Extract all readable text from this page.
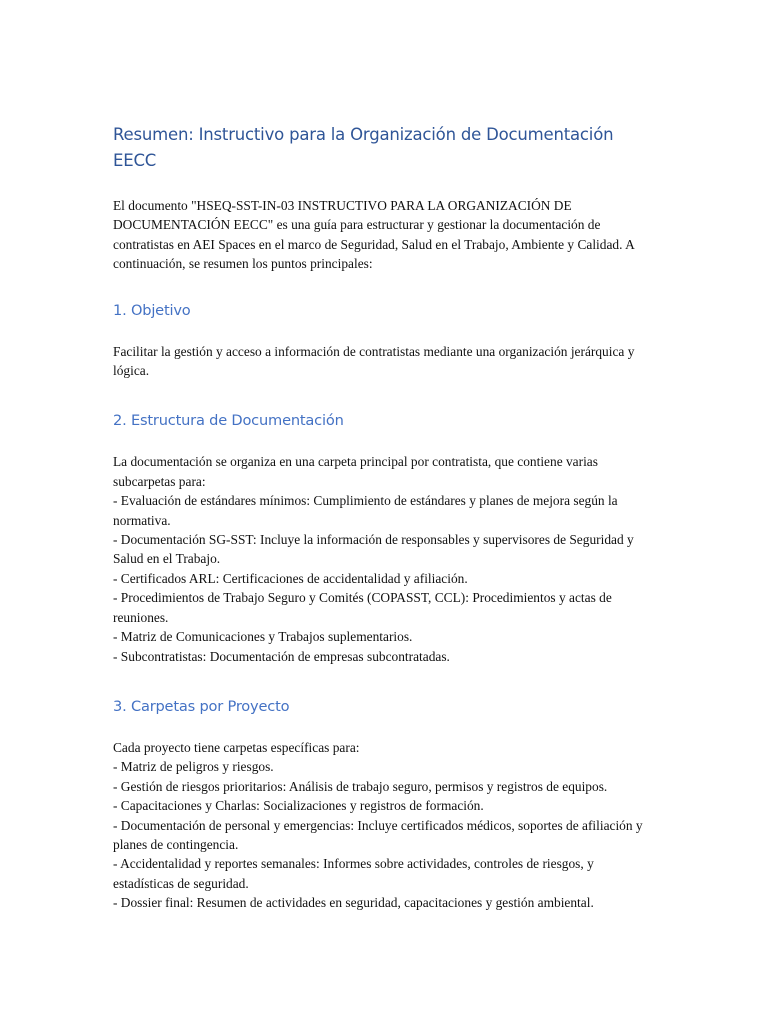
Resumen: Instructivo para la Organización de Documentación EECC

El documento "HSEQ-SST-IN-03 INSTRUCTIVO PARA LA ORGANIZACIÓN DE DOCUMENTACIÓN EECC" es una guía para estructurar y gestionar la documentación de contratistas en AEI Spaces en el marco de Seguridad, Salud en el Trabajo, Ambiente y Calidad. A continuación, se resumen los puntos principales:

1. Objetivo

Facilitar la gestión y acceso a información de contratistas mediante una organización jerárquica y lógica.

2. Estructura de Documentación

La documentación se organiza en una carpeta principal por contratista, que contiene varias subcarpetas para:

- Evaluación de estándares mínimos: Cumplimiento de estándares y planes de mejora según la normativa.

- Documentación SG-SST: Incluye la información de responsables y supervisores de Seguridad y Salud en el Trabajo.

- Certificados ARL: Certificaciones de accidentalidad y afiliación.

- Procedimientos de Trabajo Seguro y Comités (COPASST, CCL): Procedimientos y actas de reuniones.

- Matriz de Comunicaciones y Trabajos suplementarios.

- Subcontratistas: Documentación de empresas subcontratadas.

3. Carpetas por Proyecto

Cada proyecto tiene carpetas específicas para:

- Matriz de peligros y riesgos.

- Gestión de riesgos prioritarios: Análisis de trabajo seguro, permisos y registros de equipos.

- Capacitaciones y Charlas: Socializaciones y registros de formación.

- Documentación de personal y emergencias: Incluye certificados médicos, soportes de afiliación y planes de contingencia.

- Accidentalidad y reportes semanales: Informes sobre actividades, controles de riesgos, y estadísticas de seguridad.

- Dossier final: Resumen de actividades en seguridad, capacitaciones y gestión ambiental.
